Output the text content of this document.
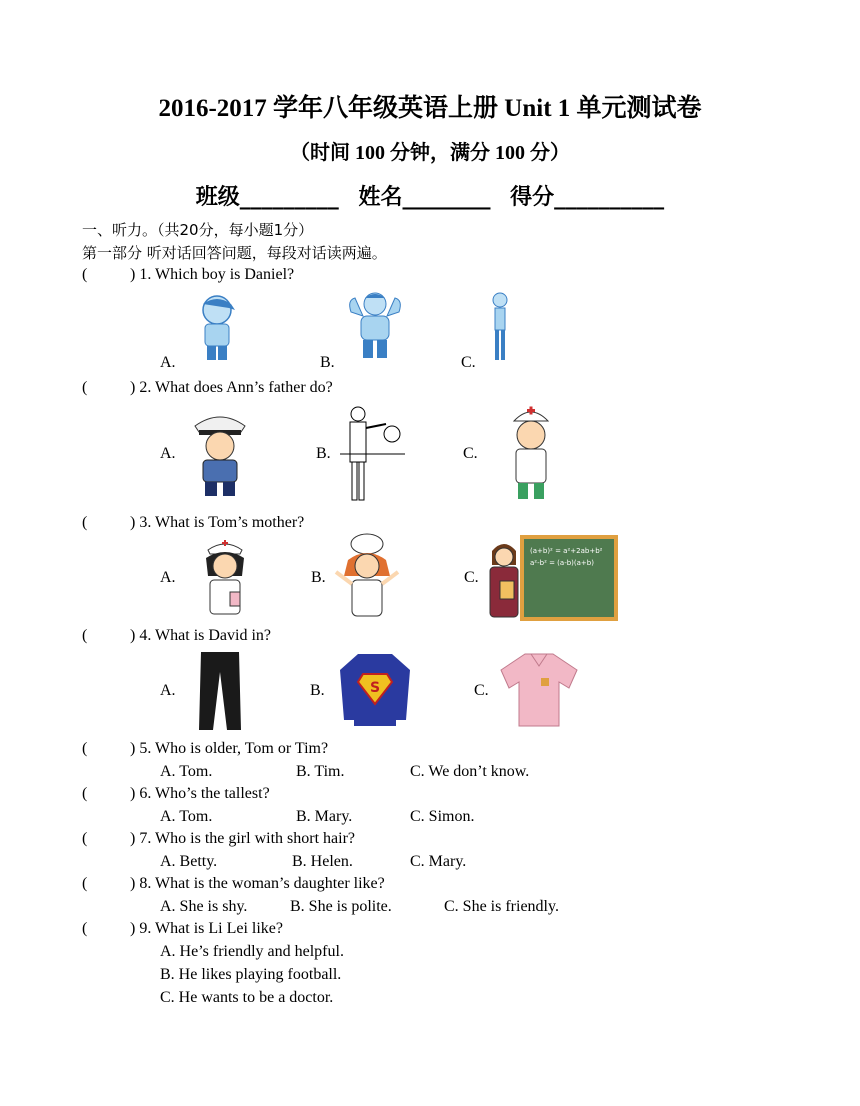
2016-2017 学年八年级英语上册 Unit 1 单元测试卷
（时间 100 分钟，满分 100 分）
班级_________ 姓名________ 得分__________
一、听力。（共20分，每小题1分）
第一部分 听对话回答问题，每段对话读两遍。
(	) 1. Which boy is Daniel?
A.	B.	C.
(	) 2. What does Ann’s father do?
A.	B.	C.
(	) 3. What is Tom’s mother?
A.	B.	C.
(a+b)² = a²+2ab+b²
a²-b² = (a-b)(a+b)
(	) 4. What is David in?
A.	B.	C.
S
(	) 5. Who is older, Tom or Tim?
A. Tom.	B. Tim.	C. We don’t know.
(	) 6. Who’s the tallest?
A. Tom.	B. Mary.	C. Simon.
(	) 7. Who is the girl with short hair?
A. Betty.	B. Helen.	C. Mary.
(	) 8. What is the woman’s daughter like?
A. She is shy.	B. She is polite.	C. She is friendly.
(	) 9. What is Li Lei like?
A. He’s friendly and helpful.
B. He likes playing football.
C. He wants to be a doctor.
